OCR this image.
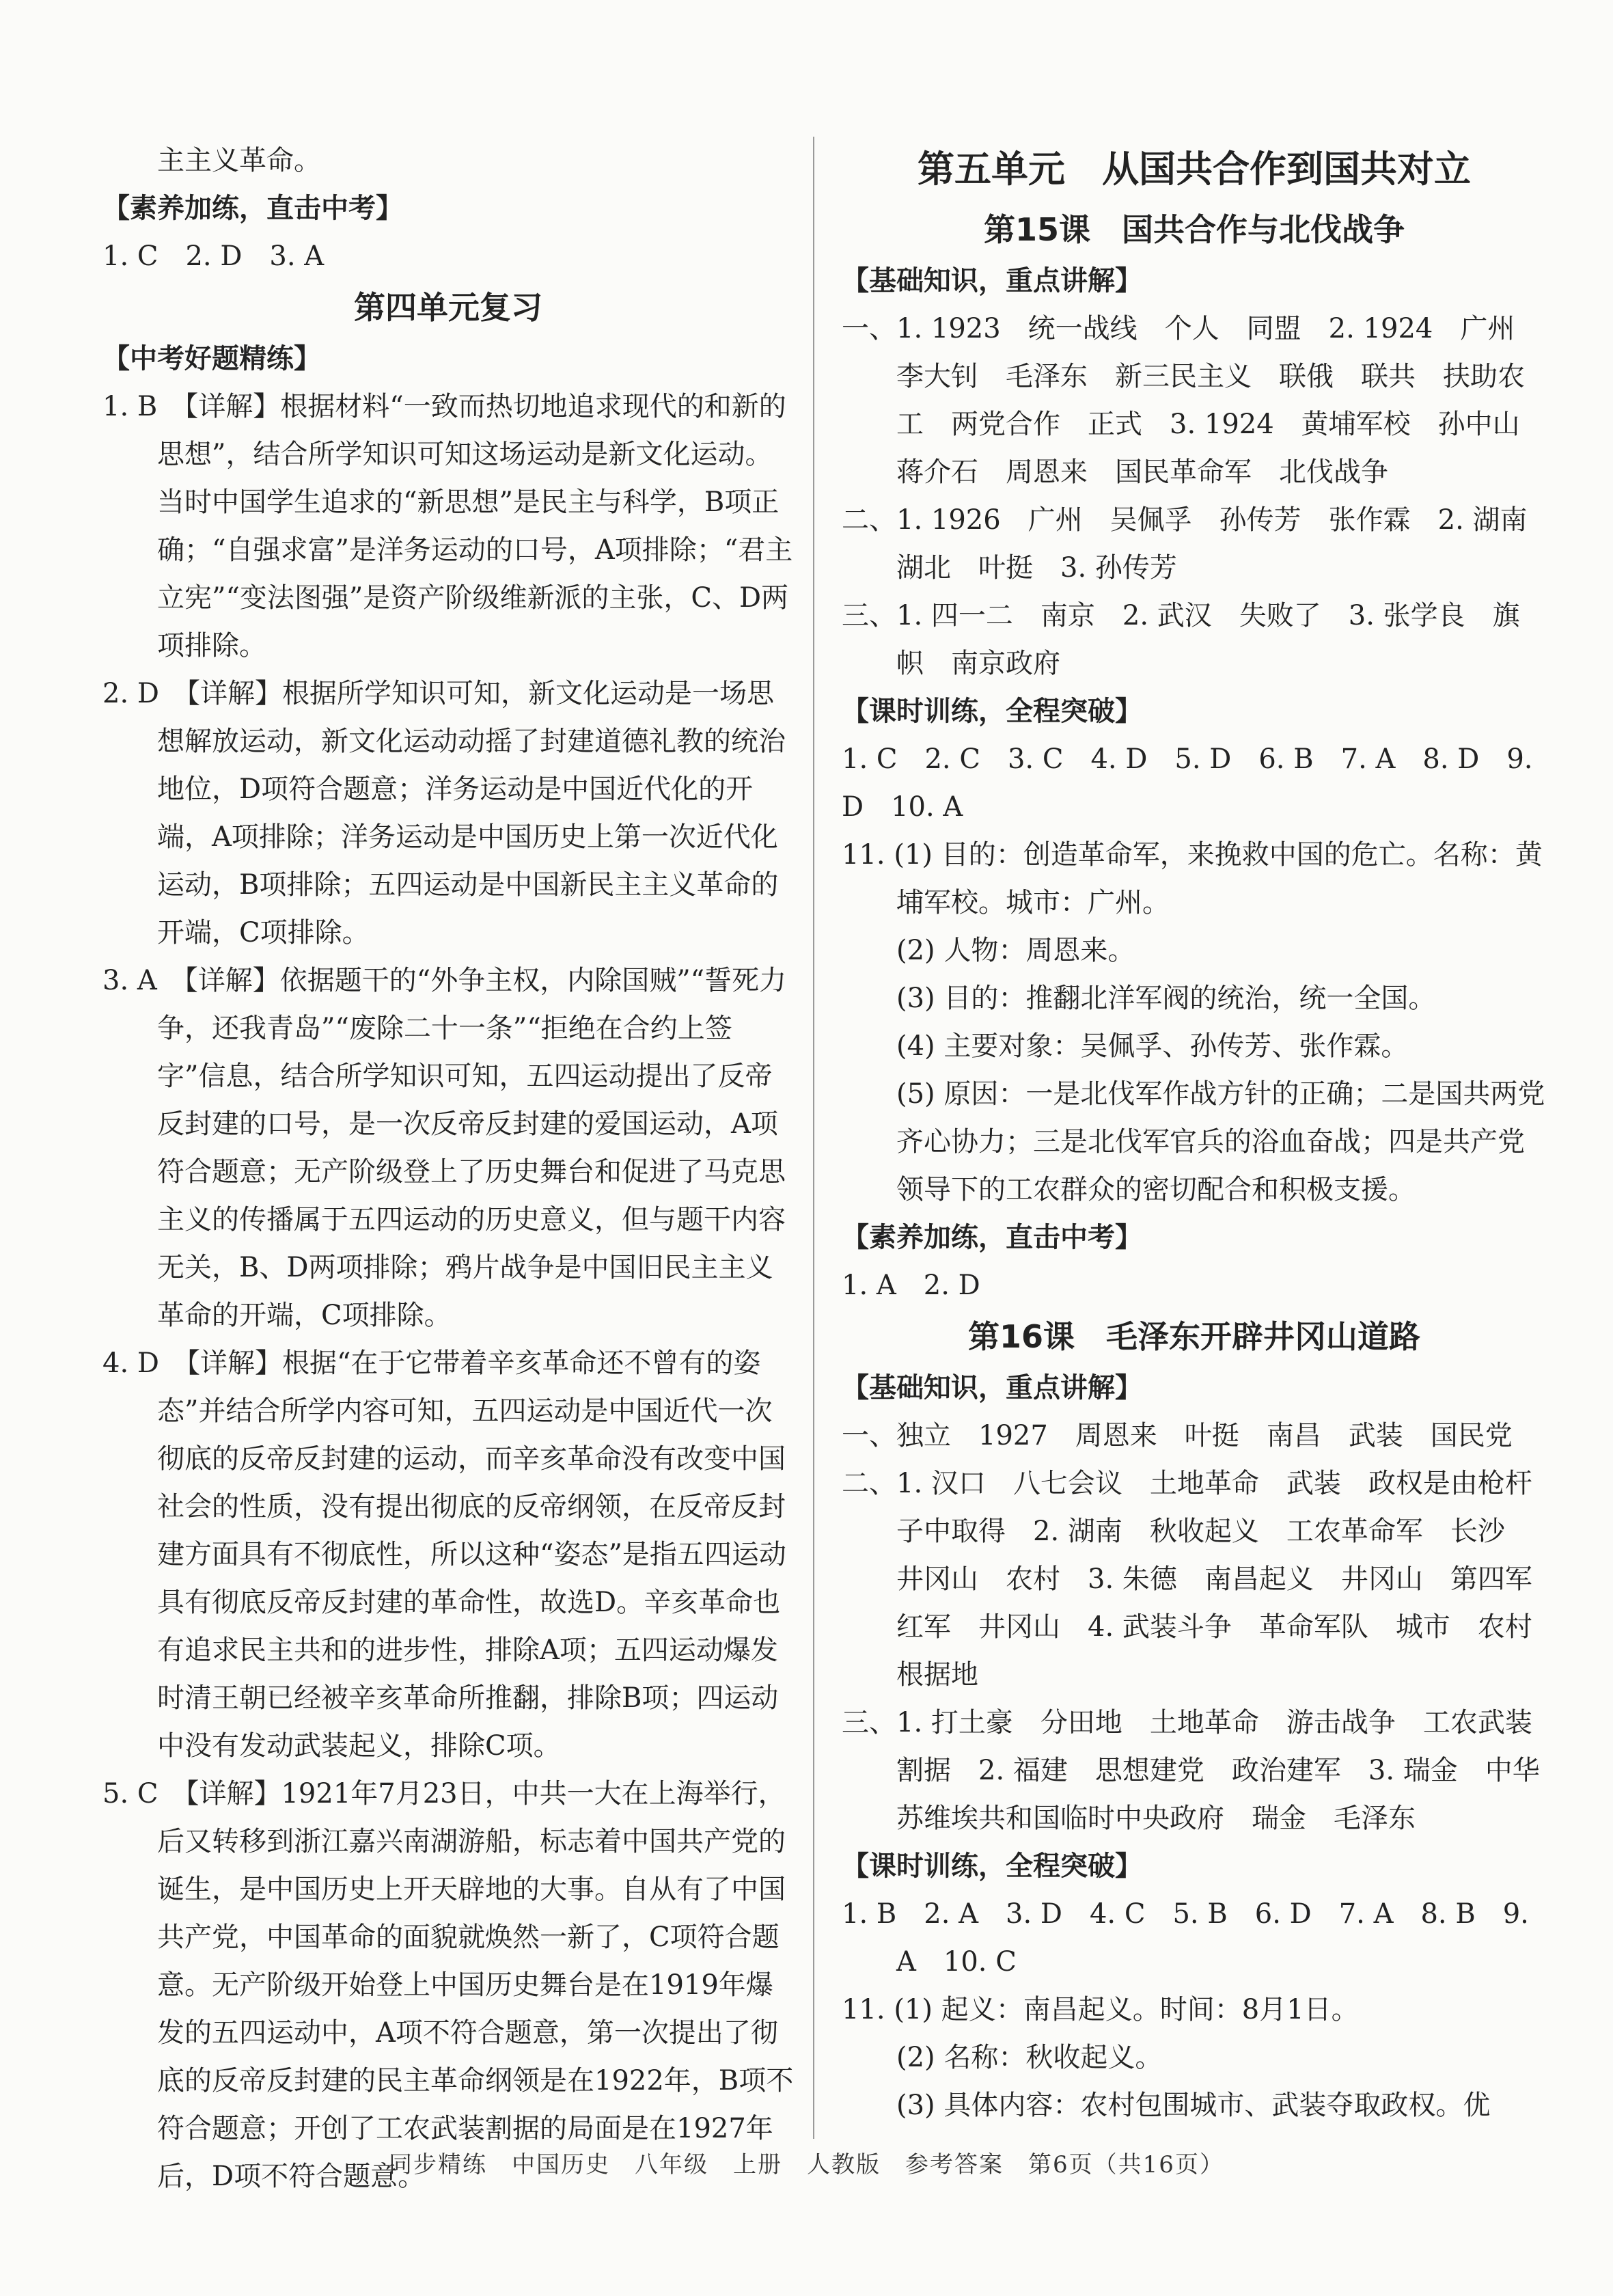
主主义革命。

【素养加练，直击中考】

1. C　2. D　3. A

第四单元复习

【中考好题精练】

1. B　【详解】根据材料“一致而热切地追求现代的和新的思想”，结合所学知识可知这场运动是新文化运动。当时中国学生追求的“新思想”是民主与科学，B项正确；“自强求富”是洋务运动的口号，A项排除；“君主立宪”“变法图强”是资产阶级维新派的主张，C、D两项排除。

2. D　【详解】根据所学知识可知，新文化运动是一场思想解放运动，新文化运动动摇了封建道德礼教的统治地位，D项符合题意；洋务运动是中国近代化的开端，A项排除；洋务运动是中国历史上第一次近代化运动，B项排除；五四运动是中国新民主主义革命的开端，C项排除。

3. A　【详解】依据题干的“外争主权，内除国贼”“誓死力争，还我青岛”“废除二十一条”“拒绝在合约上签字”信息，结合所学知识可知，五四运动提出了反帝反封建的口号，是一次反帝反封建的爱国运动，A项符合题意；无产阶级登上了历史舞台和促进了马克思主义的传播属于五四运动的历史意义，但与题干内容无关，B、D两项排除；鸦片战争是中国旧民主主义革命的开端，C项排除。

4. D　【详解】根据“在于它带着辛亥革命还不曾有的姿态”并结合所学内容可知，五四运动是中国近代一次彻底的反帝反封建的运动，而辛亥革命没有改变中国社会的性质，没有提出彻底的反帝纲领，在反帝反封建方面具有不彻底性，所以这种“姿态”是指五四运动具有彻底反帝反封建的革命性，故选D。辛亥革命也有追求民主共和的进步性，排除A项；五四运动爆发时清王朝已经被辛亥革命所推翻，排除B项；四运动中没有发动武装起义，排除C项。

5. C　【详解】1921年7月23日，中共一大在上海举行，后又转移到浙江嘉兴南湖游船，标志着中国共产党的诞生，是中国历史上开天辟地的大事。自从有了中国共产党，中国革命的面貌就焕然一新了，C项符合题意。无产阶级开始登上中国历史舞台是在1919年爆发的五四运动中，A项不符合题意，第一次提出了彻底的反帝反封建的民主革命纲领是在1922年，B项不符合题意；开创了工农武装割据的局面是在1927年后，D项不符合题意。

第五单元　从国共合作到国共对立

第15课　国共合作与北伐战争

【基础知识，重点讲解】

一、1. 1923　统一战线　个人　同盟　2. 1924　广州　李大钊　毛泽东　新三民主义　联俄　联共　扶助农工　两党合作　正式　3. 1924　黄埔军校　孙中山　蒋介石　周恩来　国民革命军　北伐战争

二、1. 1926　广州　吴佩孚　孙传芳　张作霖　2. 湖南　湖北　叶挺　3. 孙传芳

三、1. 四一二　南京　2. 武汉　失败了　3. 张学良　旗帜　南京政府

【课时训练，全程突破】

1. C　2. C　3. C　4. D　5. D　6. B　7. A　8. D　9. D　10. A

11. (1) 目的：创造革命军，来挽救中国的危亡。名称：黄埔军校。城市：广州。

(2) 人物：周恩来。

(3) 目的：推翻北洋军阀的统治，统一全国。

(4) 主要对象：吴佩孚、孙传芳、张作霖。

(5) 原因：一是北伐军作战方针的正确；二是国共两党齐心协力；三是北伐军官兵的浴血奋战；四是共产党领导下的工农群众的密切配合和积极支援。

【素养加练，直击中考】

1. A　2. D

第16课　毛泽东开辟井冈山道路

【基础知识，重点讲解】

一、独立　1927　周恩来　叶挺　南昌　武装　国民党

二、1. 汉口　八七会议　土地革命　武装　政权是由枪杆子中取得　2. 湖南　秋收起义　工农革命军　长沙　井冈山　农村　3. 朱德　南昌起义　井冈山　第四军　红军　井冈山　4. 武装斗争　革命军队　城市　农村　根据地

三、1. 打土豪　分田地　土地革命　游击战争　工农武装割据　2. 福建　思想建党　政治建军　3. 瑞金　中华苏维埃共和国临时中央政府　瑞金　毛泽东

【课时训练，全程突破】

1. B　2. A　3. D　4. C　5. B　6. D　7. A　8. B　9. A　10. C

11. (1) 起义：南昌起义。时间：8月1日。

(2) 名称：秋收起义。

(3) 具体内容：农村包围城市、武装夺取政权。优

同步精练　中国历史　八年级　上册　人教版　参考答案　第6页（共16页）
